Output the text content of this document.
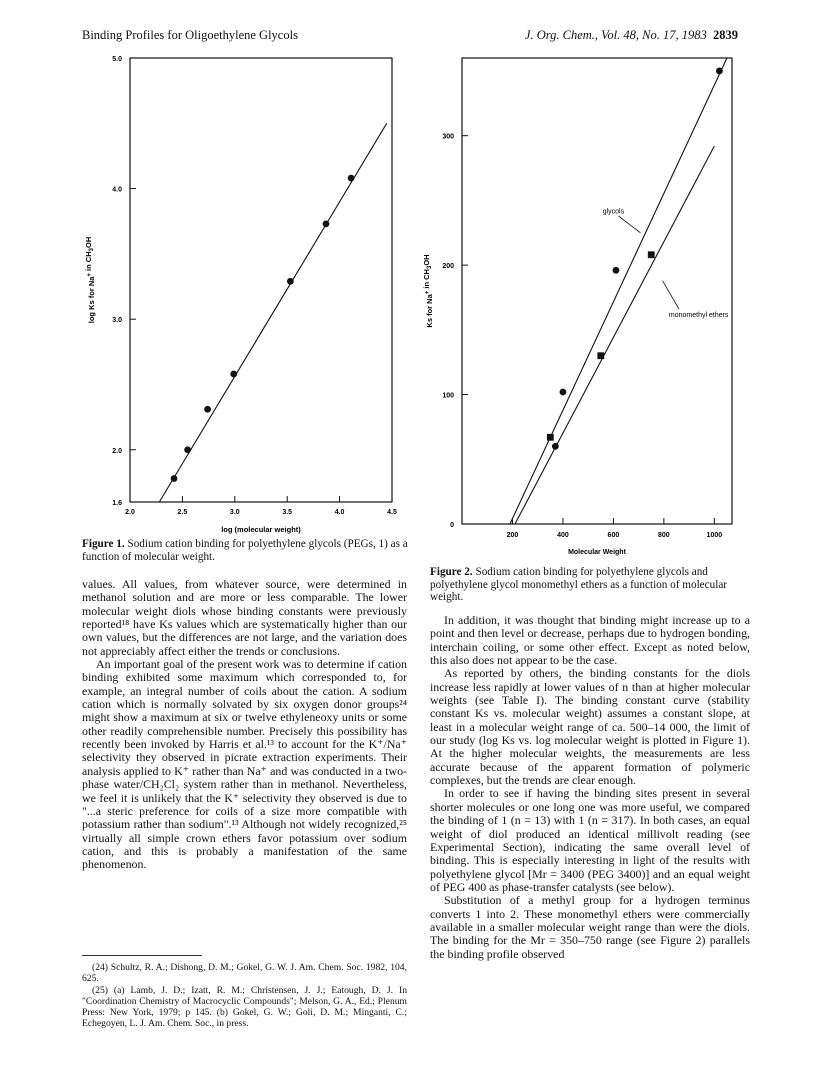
Binding Profiles for Oligoethylene Glycols	J. Org. Chem., Vol. 48, No. 17, 1983 2839
2.0	2.5	3.0	3.5	4.0	4.5
1.6
2.0
3.0
4.0
5.0
log (molecular weight)
log Ks for Na+ in $CH_3OH$
Figure 1. Sodium cation binding for polyethylene glycols (PEGs, 1) as a function of molecular weight.
200	400	600	800	1000
0
100
200
300
glycols
monomethyl ethers
Molecular Weight
Ks for Na+ in $CH_3OH$
Figure 2. Sodium cation binding for polyethylene glycols and polyethylene glycol monomethyl ethers as a function of molecular weight.

values. All values, from whatever source, were determined in methanol solution and are more or less comparable. The lower molecular weight diols whose binding constants were previously reported¹⁸ have Ks values which are systematically higher than our own values, but the differences are not large, and the variation does not appreciably affect either the trends or conclusions.

An important goal of the present work was to determine if cation binding exhibited some maximum which corresponded to, for example, an integral number of coils about the cation. A sodium cation which is normally solvated by six oxygen donor groups²⁴ might show a maximum at six or twelve ethyleneoxy units or some other readily comprehensible number. Precisely this possibility has recently been invoked by Harris et al.¹³ to account for the K⁺/Na⁺ selectivity they observed in picrate extraction experiments. Their analysis applied to K⁺ rather than Na⁺ and was conducted in a two-phase water/CH₂Cl₂ system rather than in methanol. Nevertheless, we feel it is unlikely that the K⁺ selectivity they observed is due to "...a steric preference for coils of a size more compatible with potassium rather than sodium".¹³ Although not widely recognized,²⁵ virtually all simple crown ethers favor potassium over sodium cation, and this is probably a manifestation of the same phenomenon.

(24) Schultz, R. A.; Dishong, D. M.; Gokel, G. W. J. Am. Chem. Soc. 1982, 104, 625.

(25) (a) Lamb, J. D.; Izatt, R. M.; Christensen, J. J.; Eatough, D. J. In "Coordination Chemistry of Macrocyclic Compounds"; Melson, G. A., Ed.; Plenum Press: New York, 1979; p 145. (b) Gokel, G. W.; Goli, D. M.; Minganti, C.; Echegoyen, L. J. Am. Chem. Soc., in press.

In addition, it was thought that binding might increase up to a point and then level or decrease, perhaps due to hydrogen bonding, interchain coiling, or some other effect. Except as noted below, this also does not appear to be the case.

As reported by others, the binding constants for the diols increase less rapidly at lower values of n than at higher molecular weights (see Table I). The binding constant curve (stability constant Ks vs. molecular weight) assumes a constant slope, at least in a molecular weight range of ca. 500–14 000, the limit of our study (log Ks vs. log molecular weight is plotted in Figure 1). At the higher molecular weights, the measurements are less accurate because of the apparent formation of polymeric complexes, but the trends are clear enough.

In order to see if having the binding sites present in several shorter molecules or one long one was more useful, we compared the binding of 1 (n = 13) with 1 (n = 317). In both cases, an equal weight of diol produced an identical millivolt reading (see Experimental Section), indicating the same overall level of binding. This is especially interesting in light of the results with polyethylene glycol [Mr = 3400 (PEG 3400)] and an equal weight of PEG 400 as phase-transfer catalysts (see below).

Substitution of a methyl group for a hydrogen terminus converts 1 into 2. These monomethyl ethers were commercially available in a smaller molecular weight range than were the diols. The binding for the Mr = 350–750 range (see Figure 2) parallels the binding profile observed
